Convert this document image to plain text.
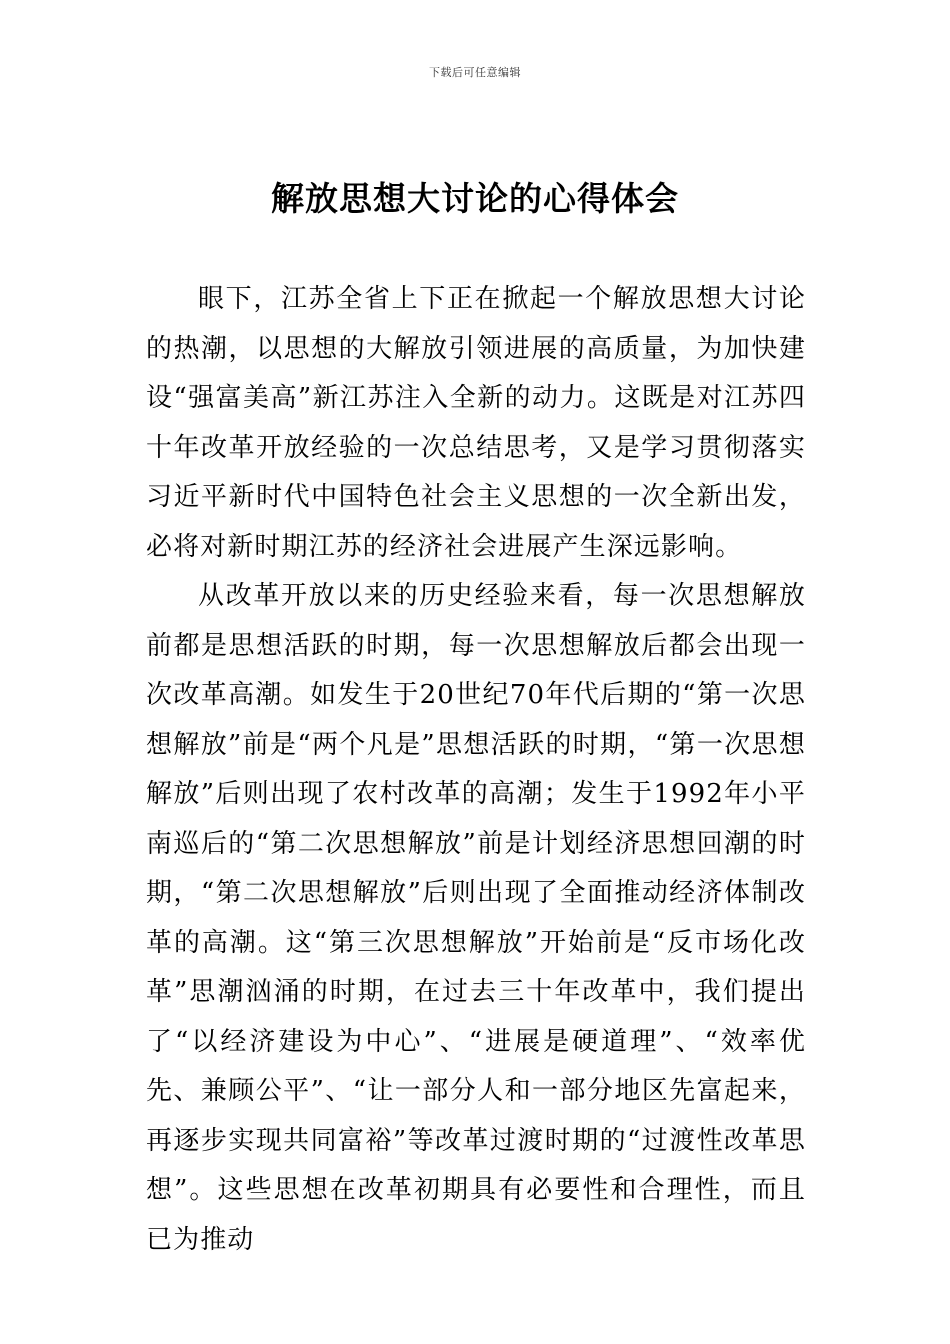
下载后可任意编辑
解放思想大讨论的心得体会

眼下，江苏全省上下正在掀起一个解放思想大讨论的热潮，以思想的大解放引领进展的高质量，为加快建设“强富美高”新江苏注入全新的动力。这既是对江苏四十年改革开放经验的一次总结思考，又是学习贯彻落实习近平新时代中国特色社会主义思想的一次全新出发，必将对新时期江苏的经济社会进展产生深远影响。

从改革开放以来的历史经验来看，每一次思想解放前都是思想活跃的时期，每一次思想解放后都会出现一次改革高潮。如发生于20世纪70年代后期的“第一次思想解放”前是“两个凡是”思想活跃的时期，“第一次思想解放”后则出现了农村改革的高潮；发生于1992年小平南巡后的“第二次思想解放”前是计划经济思想回潮的时期，“第二次思想解放”后则出现了全面推动经济体制改革的高潮。这“第三次思想解放”开始前是“反市场化改革”思潮汹涌的时期，在过去三十年改革中，我们提出了“以经济建设为中心”、“进展是硬道理”、“效率优先、兼顾公平”、“让一部分人和一部分地区先富起来，再逐步实现共同富裕”等改革过渡时期的“过渡性改革思想”。这些思想在改革初期具有必要性和合理性，而且已为推动
